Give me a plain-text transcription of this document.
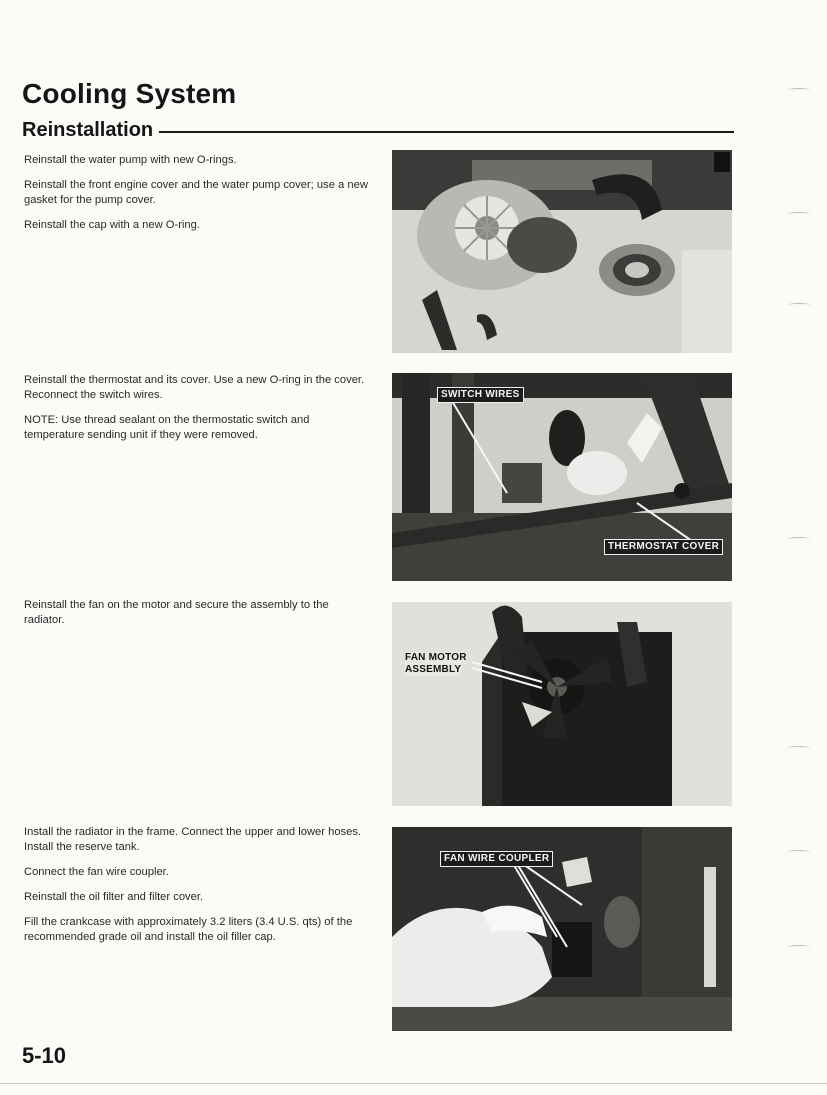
Cooling System
Reinstallation

Reinstall the water pump with new O-rings.

Reinstall the front engine cover and the water pump cover; use a new gasket for the pump cover.

Reinstall the cap with a new O-ring.

Reinstall the thermostat and its cover. Use a new O-ring in the cover. Reconnect the switch wires.

NOTE: Use thread sealant on the thermostatic switch and temperature sending unit if they were removed.

SWITCH WIRES
THERMOSTAT COVER

Reinstall the fan on the motor and secure the assembly to the radiator.

FAN MOTOR
ASSEMBLY

Install the radiator in the frame. Connect the upper and lower hoses. Install the reserve tank.

Connect the fan wire coupler.

Reinstall the oil filter and filter cover.

Fill the crankcase with approximately 3.2 liters (3.4 U.S. qts) of the recommended grade oil and install the oil filler cap.

FAN WIRE COUPLER
5-10
